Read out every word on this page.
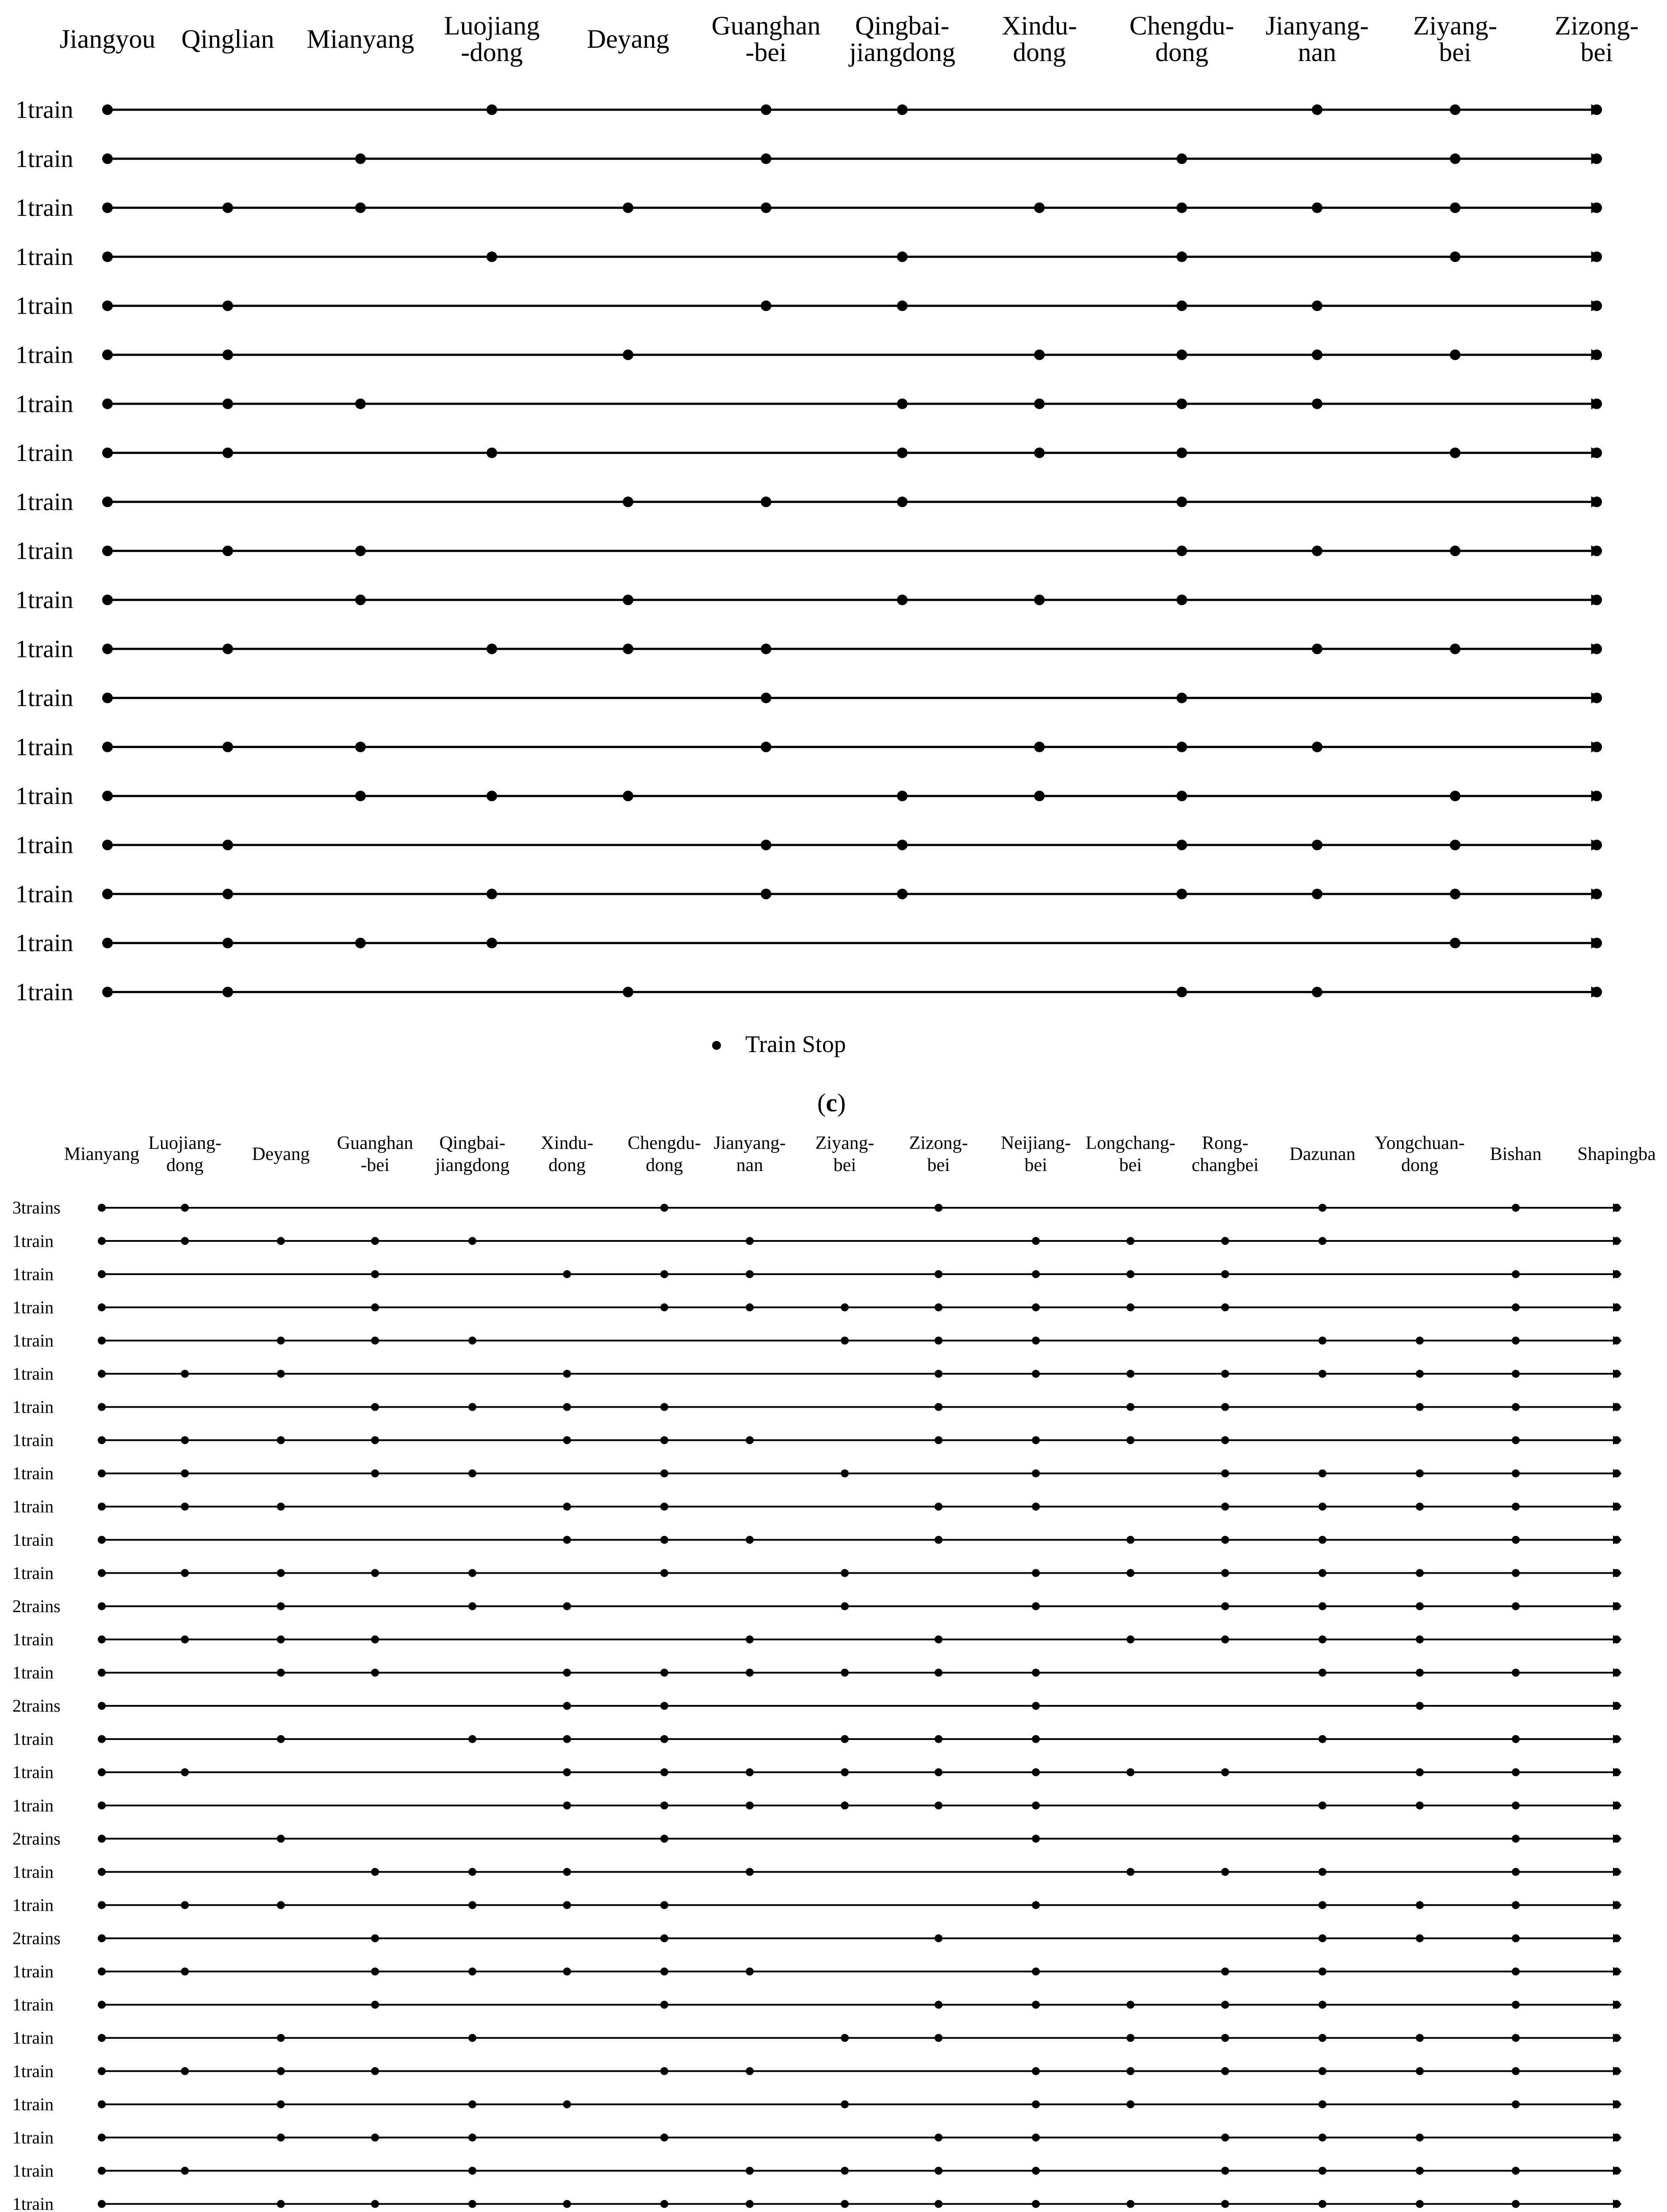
Jiangyou Qinglian Mianyang Luojiang -dong	Deyang Guanghan -bei
Qingbai-jiangdong
Xindu-dong
Chengdu-dong
Jianyang-nan
Ziyang-bei
Zizong-bei
1train
1train
1train
1train
1train
1train
1train
1train
1train
1train
1train
1train
1train
1train
1train
1train
1train
1train
1train
Mianyang
Luojiang-dong
Deyang
Guanghan -bei
Qingbai-jiangdong
Xindu-dong
Chengdu-dong
Jianyang-nan
Ziyang-bei
Zizong-bei
Neijiang-bei
Longchang-bei
Rong-changbei
Dazunan
Yongchuan-dong
Bishan Shapingba
3trains
1train
1train
1train
1train
1train
1train
1train
1train
1train
1train
1train
2trains
1train
1train
2trains
1train
1train
1train
2trains
1train
1train
2trains
1train
1train
1train
1train
1train
1train
1train
1train
Train Stop
(c)
